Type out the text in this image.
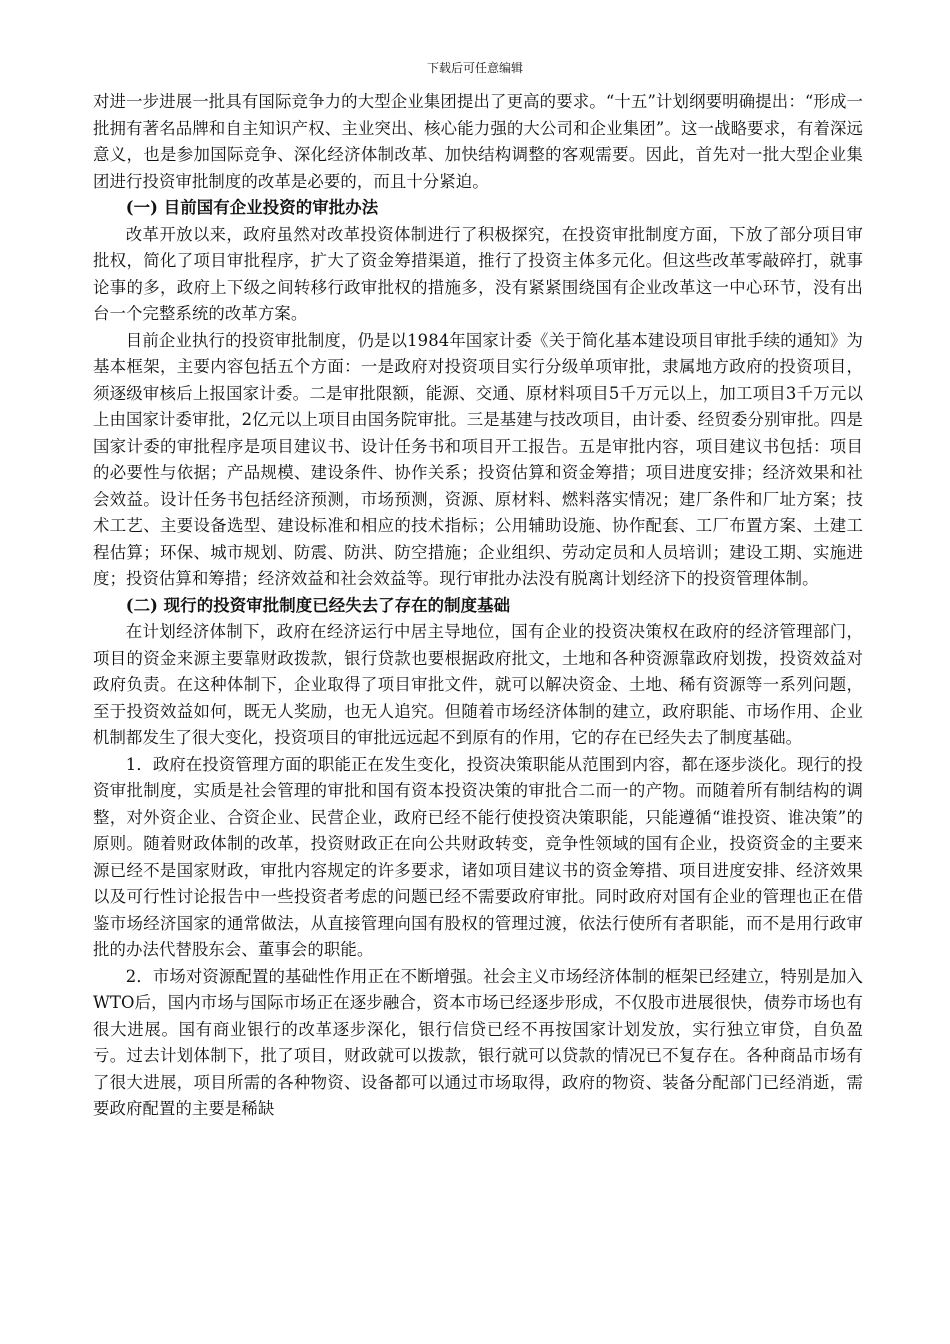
下载后可任意编辑

对进一步进展一批具有国际竞争力的大型企业集团提出了更高的要求。“十五”计划纲要明确提出：“形成一批拥有著名品牌和自主知识产权、主业突出、核心能力强的大公司和企业集团”。这一战略要求，有着深远意义，也是参加国际竞争、深化经济体制改革、加快结构调整的客观需要。因此，首先对一批大型企业集团进行投资审批制度的改革是必要的，而且十分紧迫。

(一) 目前国有企业投资的审批办法

改革开放以来，政府虽然对改革投资体制进行了积极探究，在投资审批制度方面，下放了部分项目审批权，简化了项目审批程序，扩大了资金筹措渠道，推行了投资主体多元化。但这些改革零敲碎打，就事论事的多，政府上下级之间转移行政审批权的措施多，没有紧紧围绕国有企业改革这一中心环节，没有出台一个完整系统的改革方案。

目前企业执行的投资审批制度，仍是以1984年国家计委《关于简化基本建设项目审批手续的通知》为基本框架，主要内容包括五个方面：一是政府对投资项目实行分级单项审批，隶属地方政府的投资项目，须逐级审核后上报国家计委。二是审批限额，能源、交通、原材料项目5千万元以上，加工项目3千万元以上由国家计委审批，2亿元以上项目由国务院审批。三是基建与技改项目，由计委、经贸委分别审批。四是国家计委的审批程序是项目建议书、设计任务书和项目开工报告。五是审批内容，项目建议书包括：项目的必要性与依据；产品规模、建设条件、协作关系；投资估算和资金筹措；项目进度安排；经济效果和社会效益。设计任务书包括经济预测，市场预测，资源、原材料、燃料落实情况；建厂条件和厂址方案；技术工艺、主要设备选型、建设标准和相应的技术指标；公用辅助设施、协作配套、工厂布置方案、土建工程估算；环保、城市规划、防震、防洪、防空措施；企业组织、劳动定员和人员培训；建设工期、实施进度；投资估算和筹措；经济效益和社会效益等。现行审批办法没有脱离计划经济下的投资管理体制。

(二) 现行的投资审批制度已经失去了存在的制度基础

在计划经济体制下，政府在经济运行中居主导地位，国有企业的投资决策权在政府的经济管理部门，项目的资金来源主要靠财政拨款，银行贷款也要根据政府批文，土地和各种资源靠政府划拨，投资效益对政府负责。在这种体制下，企业取得了项目审批文件，就可以解决资金、土地、稀有资源等一系列问题，至于投资效益如何，既无人奖励，也无人追究。但随着市场经济体制的建立，政府职能、市场作用、企业机制都发生了很大变化，投资项目的审批远远起不到原有的作用，它的存在已经失去了制度基础。

1．政府在投资管理方面的职能正在发生变化，投资决策职能从范围到内容，都在逐步淡化。现行的投资审批制度，实质是社会管理的审批和国有资本投资决策的审批合二而一的产物。而随着所有制结构的调整，对外资企业、合资企业、民营企业，政府已经不能行使投资决策职能，只能遵循“谁投资、谁决策”的原则。随着财政体制的改革，投资财政正在向公共财政转变，竞争性领域的国有企业，投资资金的主要来源已经不是国家财政，审批内容规定的许多要求，诸如项目建议书的资金筹措、项目进度安排、经济效果以及可行性讨论报告中一些投资者考虑的问题已经不需要政府审批。同时政府对国有企业的管理也正在借鉴市场经济国家的通常做法，从直接管理向国有股权的管理过渡，依法行使所有者职能，而不是用行政审批的办法代替股东会、董事会的职能。

2．市场对资源配置的基础性作用正在不断增强。社会主义市场经济体制的框架已经建立，特别是加入WTO后，国内市场与国际市场正在逐步融合，资本市场已经逐步形成，不仅股市进展很快，债券市场也有很大进展。国有商业银行的改革逐步深化，银行信贷已经不再按国家计划发放，实行独立审贷，自负盈亏。过去计划体制下，批了项目，财政就可以拨款，银行就可以贷款的情况已不复存在。各种商品市场有了很大进展，项目所需的各种物资、设备都可以通过市场取得，政府的物资、装备分配部门已经消逝，需要政府配置的主要是稀缺
